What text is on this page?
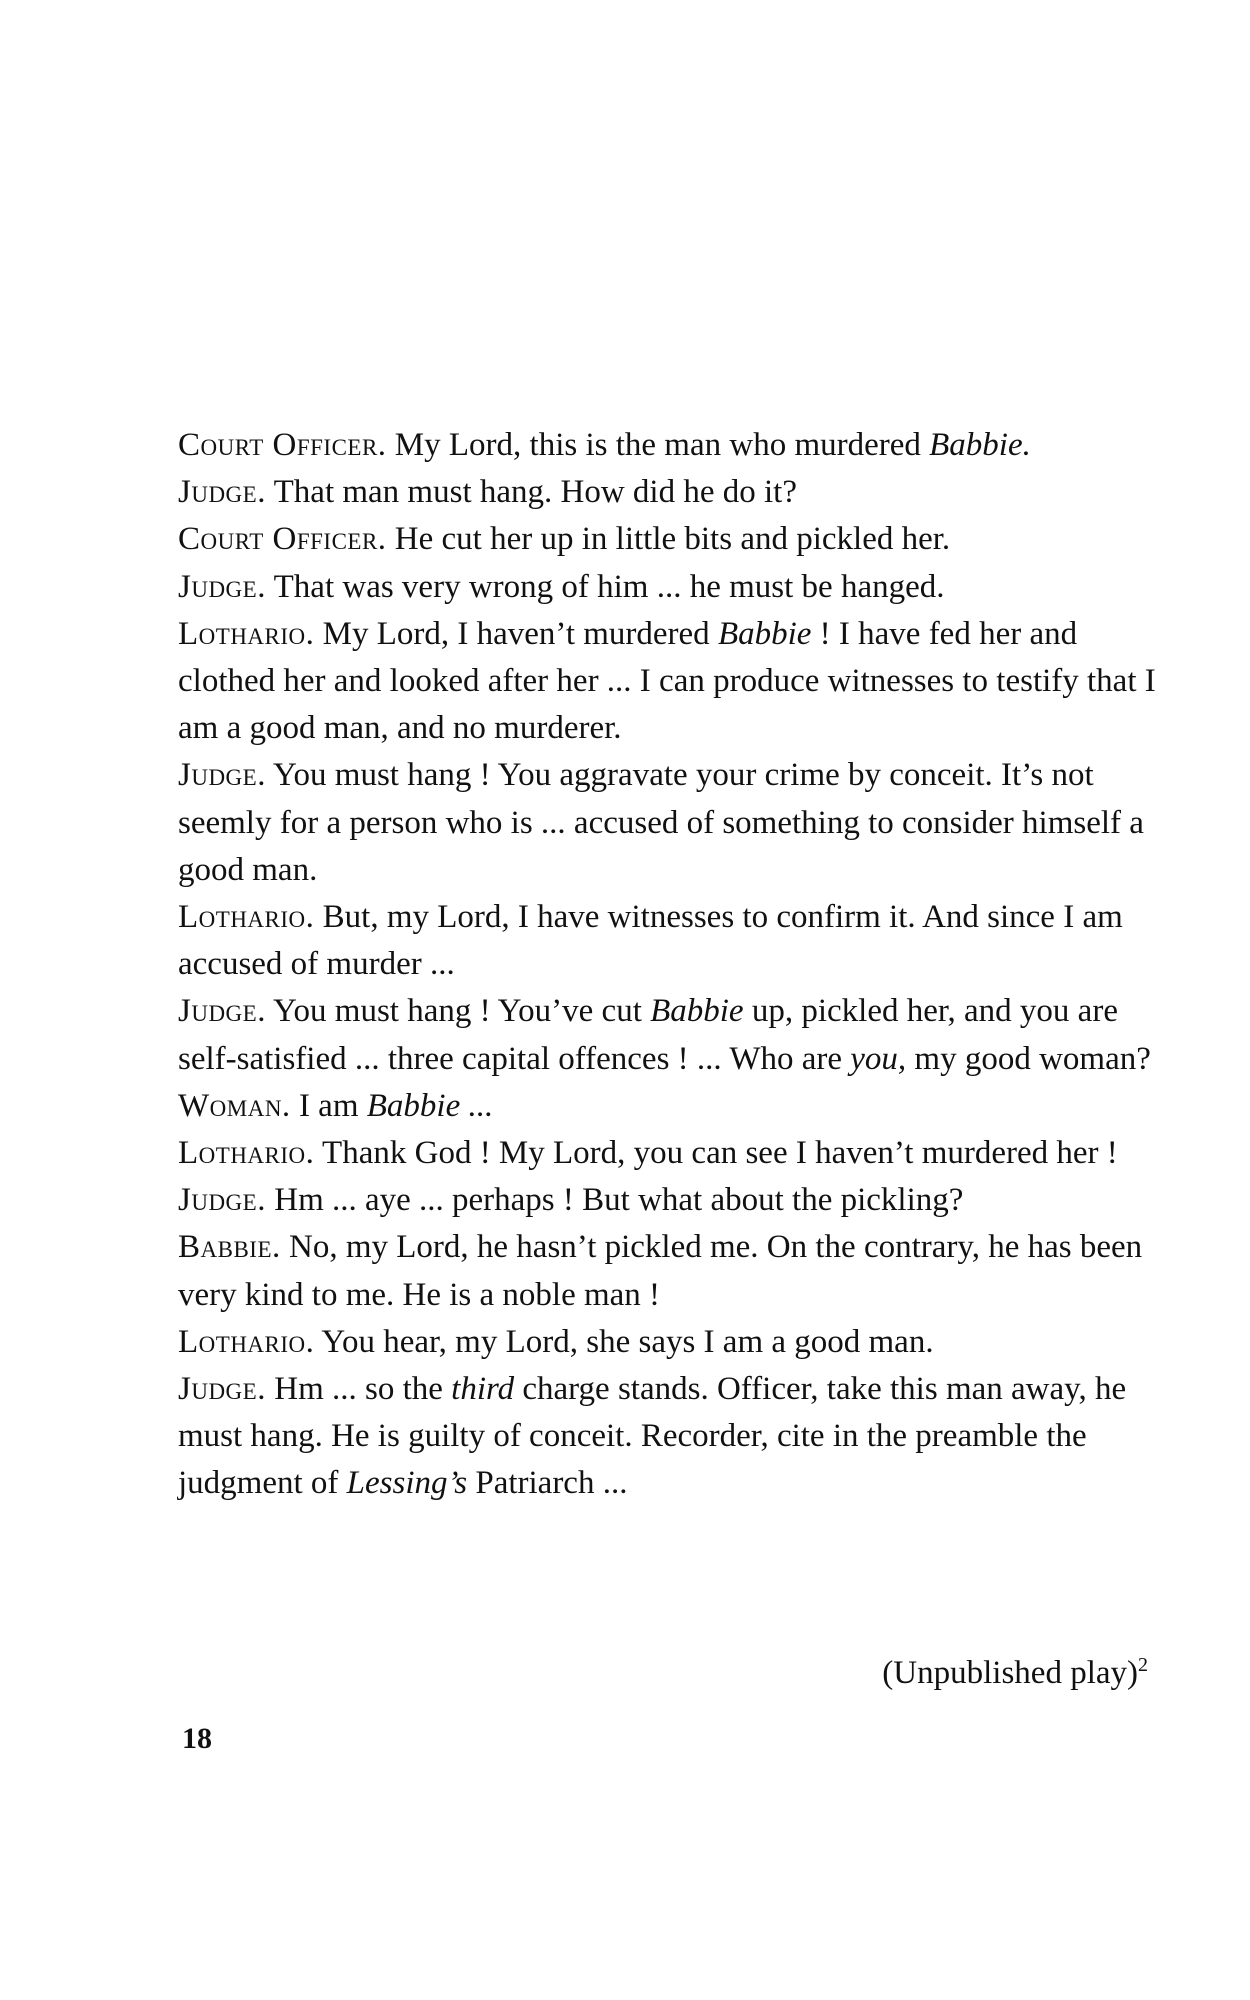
Court Officer. My Lord, this is the man who murdered Babbie.

Judge. That man must hang. How did he do it?

Court Officer. He cut her up in little bits and pickled her.

Judge. That was very wrong of him ... he must be hanged.

Lothario. My Lord, I haven’t murdered Babbie ! I have fed her and clothed her and looked after her ... I can produce witnesses to testify that I am a good man, and no murderer.

Judge. You must hang ! You aggravate your crime by conceit. It’s not seemly for a person who is ... accused of something to consider himself a good man.

Lothario. But, my Lord, I have witnesses to confirm it. And since I am accused of murder ...

Judge. You must hang ! You’ve cut Babbie up, pickled her, and you are self-satisfied ... three capital offences ! ... Who are you, my good woman?

Woman. I am Babbie ...

Lothario. Thank God ! My Lord, you can see I haven’t murdered her !

Judge. Hm ... aye ... perhaps ! But what about the pickling?

Babbie. No, my Lord, he hasn’t pickled me. On the contrary, he has been very kind to me. He is a noble man !

Lothario. You hear, my Lord, she says I am a good man.

Judge. Hm ... so the third charge stands. Officer, take this man away, he must hang. He is guilty of conceit. Recorder, cite in the preamble the judgment of Lessing’s Patriarch ...

(Unpublished play)$^2$

18
